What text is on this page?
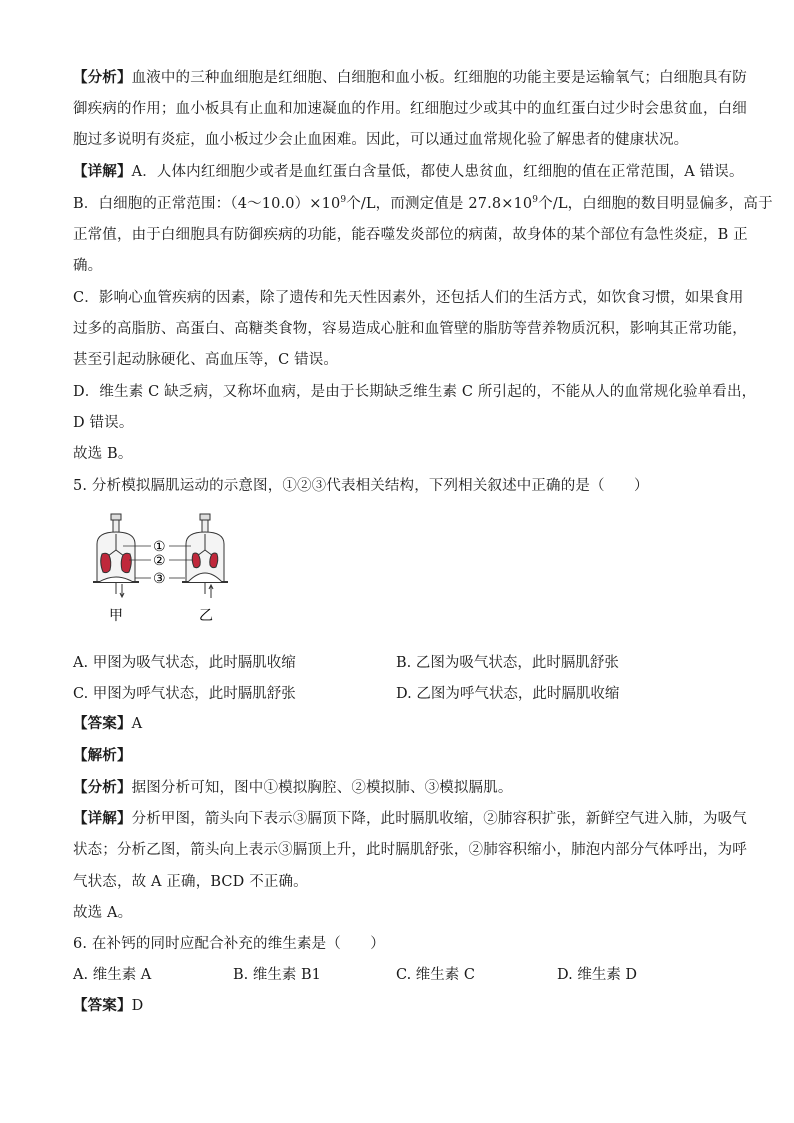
【分析】血液中的三种血细胞是红细胞、白细胞和血小板。红细胞的功能主要是运输氧气；白细胞具有防
御疾病的作用；血小板具有止血和加速凝血的作用。红细胞过少或其中的血红蛋白过少时会患贫血，白细
胞过多说明有炎症，血小板过少会止血困难。因此，可以通过血常规化验了解患者的健康状况。
【详解】A．人体内红细胞少或者是血红蛋白含量低，都使人患贫血，红细胞的值在正常范围，A 错误。
B．白细胞的正常范围：$(4\sim 10.0)\times 10^9$个/L，而测定值是 $27.8\times 10^9$个/L，白细胞的数目明显偏多，高于
正常值，由于白细胞具有防御疾病的功能，能吞噬发炎部位的病菌，故身体的某个部位有急性炎症，B 正
确。
C．影响心血管疾病的因素，除了遗传和先天性因素外，还包括人们的生活方式，如饮食习惯，如果食用
过多的高脂肪、高蛋白、高糖类食物，容易造成心脏和血管壁的脂肪等营养物质沉积，影响其正常功能，
甚至引起动脉硬化、高血压等，C 错误。
D．维生素 C 缺乏病，又称坏血病，是由于长期缺乏维生素 C 所引起的，不能从人的血常规化验单看出，
D 错误。
故选 B。
5. 分析模拟膈肌运动的示意图，①②③代表相关结构，下列相关叙述中正确的是（　　）
①
②
③
甲	乙
A. 甲图为吸气状态，此时膈肌收缩	B. 乙图为吸气状态，此时膈肌舒张
C. 甲图为呼气状态，此时膈肌舒张	D. 乙图为呼气状态，此时膈肌收缩
【答案】A
【解析】
【分析】据图分析可知，图中①模拟胸腔、②模拟肺、③模拟膈肌。
【详解】分析甲图，箭头向下表示③膈顶下降，此时膈肌收缩，②肺容积扩张，新鲜空气进入肺，为吸气
状态；分析乙图，箭头向上表示③膈顶上升，此时膈肌舒张，②肺容积缩小，肺泡内部分气体呼出，为呼
气状态，故 A 正确，BCD 不正确。
故选 A。
6. 在补钙的同时应配合补充的维生素是（　　）
A. 维生素 A	B. 维生素 B1	C. 维生素 C	D. 维生素 D
【答案】D
